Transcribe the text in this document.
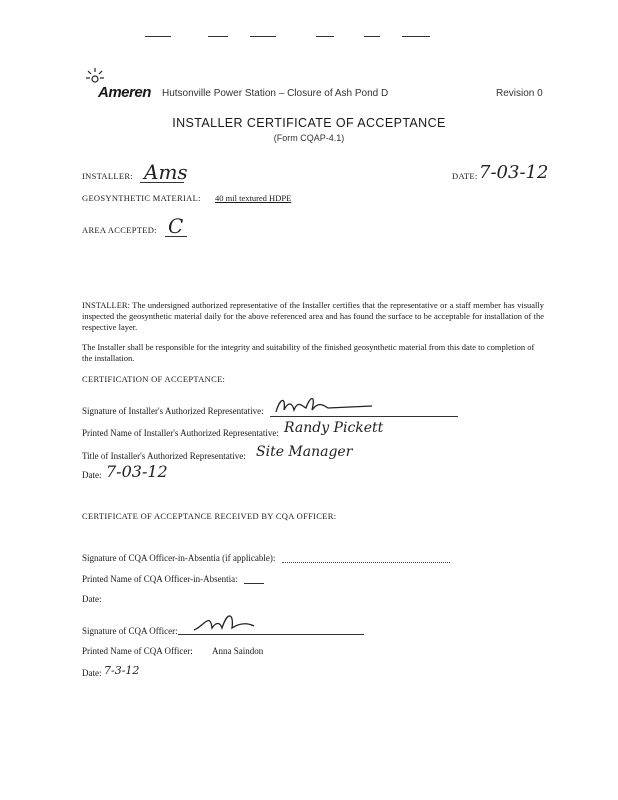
Ameren Hutsonville Power Station – Closure of Ash Pond D	Revision 0
INSTALLER CERTIFICATE OF ACCEPTANCE
(Form CQAP-4.1)
INSTALLER: Ams	DATE: 7-03-12
GEOSYNTHETIC MATERIAL: 40 mil textured HDPE
AREA ACCEPTED: C
INSTALLER: The undersigned authorized representative of the Installer certifies that the representative or a staff member has visually inspected the geosynthetic material daily for the above referenced area and has found the surface to be acceptable for installation of the respective layer.
The Installer shall be responsible for the integrity and suitability of the finished geosynthetic material from this date to completion of the installation.
CERTIFICATION OF ACCEPTANCE:
Signature of Installer's Authorized Representative:
Printed Name of Installer's Authorized Representative: Randy Pickett
Title of Installer's Authorized Representative: Site Manager
Date: 7-03-12
CERTIFICATE OF ACCEPTANCE RECEIVED BY CQA OFFICER:
Signature of CQA Officer-in-Absentia (if applicable):
Printed Name of CQA Officer-in-Absentia:
Date:
Signature of CQA Officer:
Printed Name of CQA Officer: Anna Saindon
Date: 7-3-12
